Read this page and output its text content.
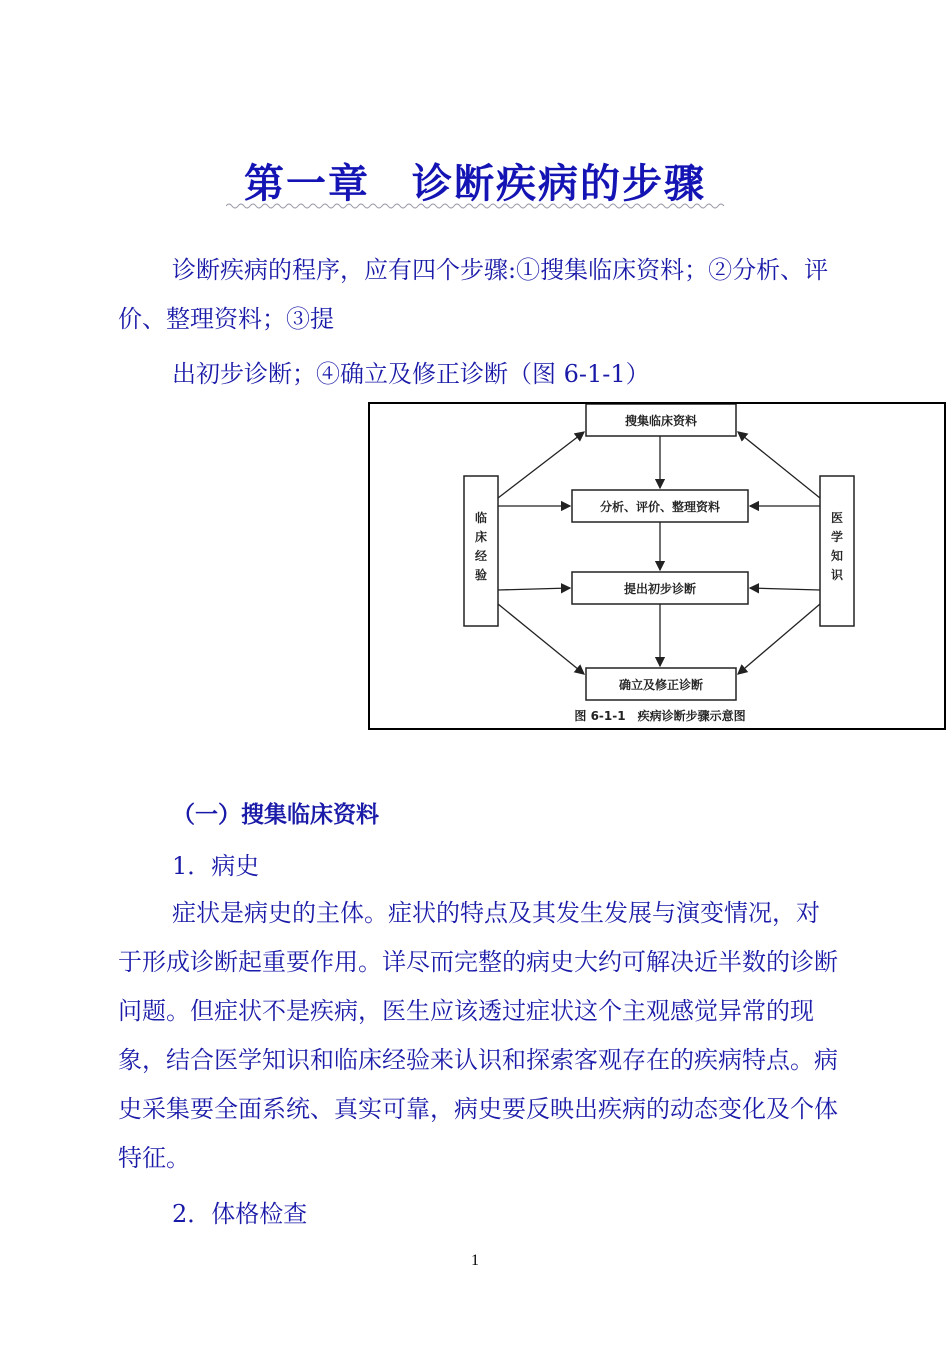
第一章　诊断疾病的步骤

诊断疾病的程序，应有四个步骤:①搜集临床资料；②分析、评价、整理资料；③提

出初步诊断；④确立及修正诊断（图 6-1-1）

搜集临床资料
分析、评价、整理资料
提出初步诊断
确立及修正诊断
临
床
经
验
医
学
知
识
图 6-1-1　疾病诊断步骤示意图

（一）搜集临床资料

1．病史

症状是病史的主体。症状的特点及其发生发展与演变情况，对于形成诊断起重要作用。详尽而完整的病史大约可解决近半数的诊断问题。但症状不是疾病，医生应该透过症状这个主观感觉异常的现象，结合医学知识和临床经验来认识和探索客观存在的疾病特点。病史采集要全面系统、真实可靠，病史要反映出疾病的动态变化及个体特征。

2．体格检查

1
